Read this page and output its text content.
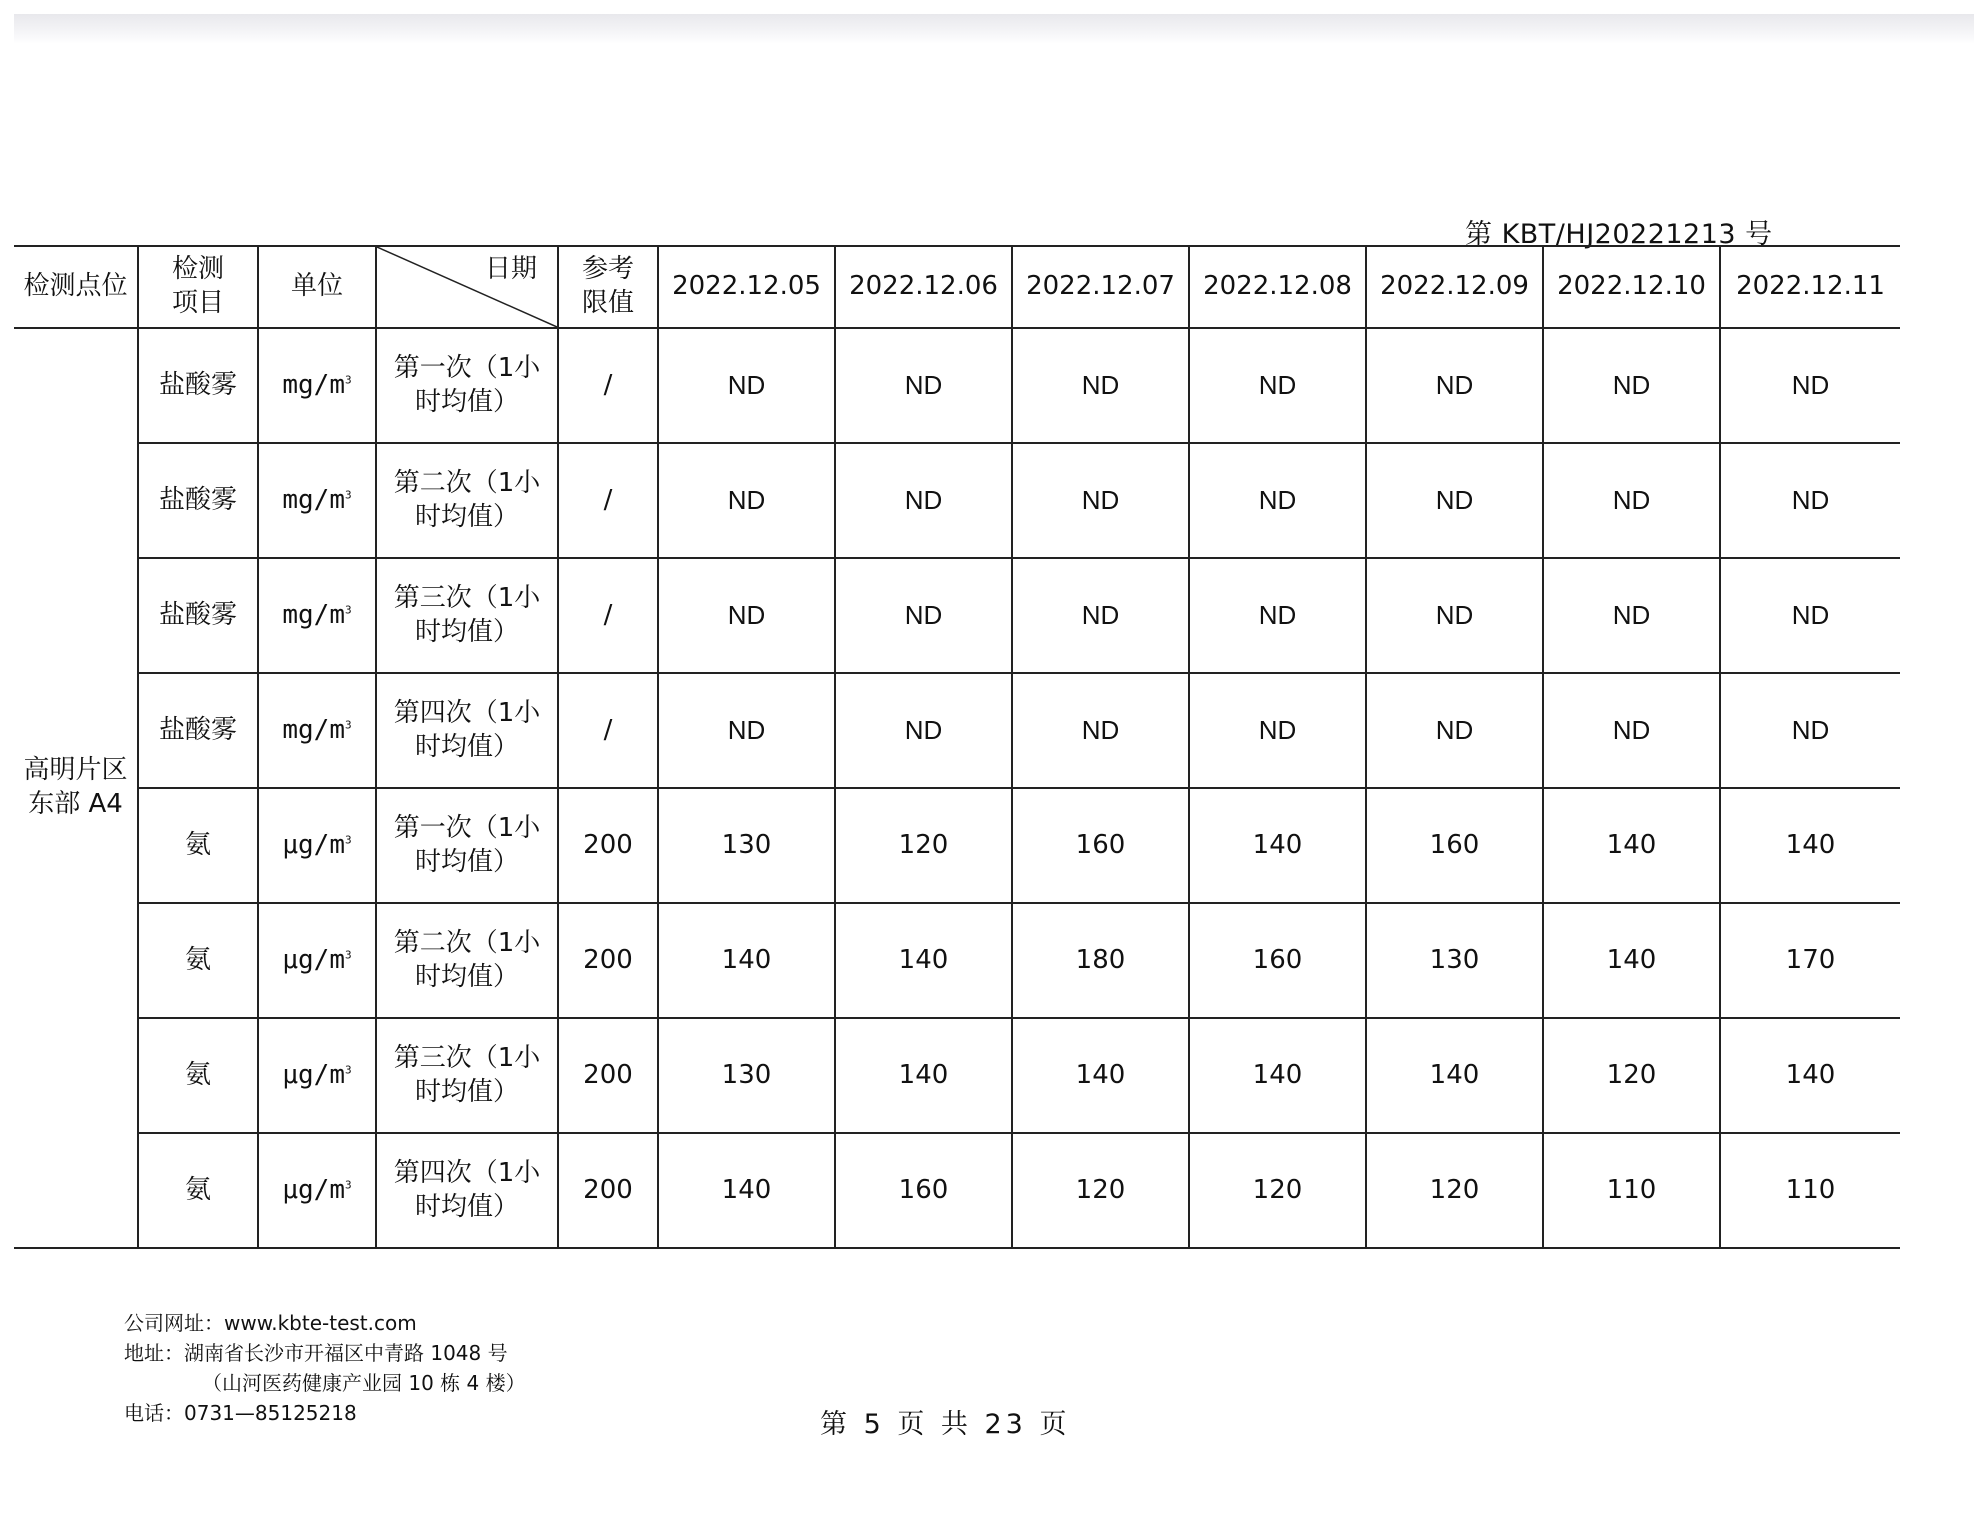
第 KBT/HJ20221213 号
检测点位	检测项目	单位	日期	参考限值	2022.12.05	2022.12.06	2022.12.07	2022.12.08	2022.12.09	2022.12.10	2022.12.11
高明片区东部 A4	盐酸雾	$mg/m^3$	第一次（1小时均值）	/	ND	ND	ND	ND	ND	ND	ND
	盐酸雾	$mg/m^3$	第二次（1小时均值）	/	ND	ND	ND	ND	ND	ND	ND
	盐酸雾	$mg/m^3$	第三次（1小时均值）	/	ND	ND	ND	ND	ND	ND	ND
	盐酸雾	$mg/m^3$	第四次（1小时均值）	/	ND	ND	ND	ND	ND	ND	ND
	氨	$\mu g/m^3$	第一次（1小时均值）	200	130	120	160	140	160	140	140
	氨	$\mu g/m^3$	第二次（1小时均值）	200	140	140	180	160	130	140	170
	氨	$\mu g/m^3$	第三次（1小时均值）	200	130	140	140	140	140	120	140
	氨	$\mu g/m^3$	第四次（1小时均值）	200	140	160	120	120	120	110	110
公司网址：www.kbte-test.com
地址：湖南省长沙市开福区中青路 1048 号
（山河医药健康产业园 10 栋 4 楼）
电话：0731—85125218	第 5 页 共 23 页
